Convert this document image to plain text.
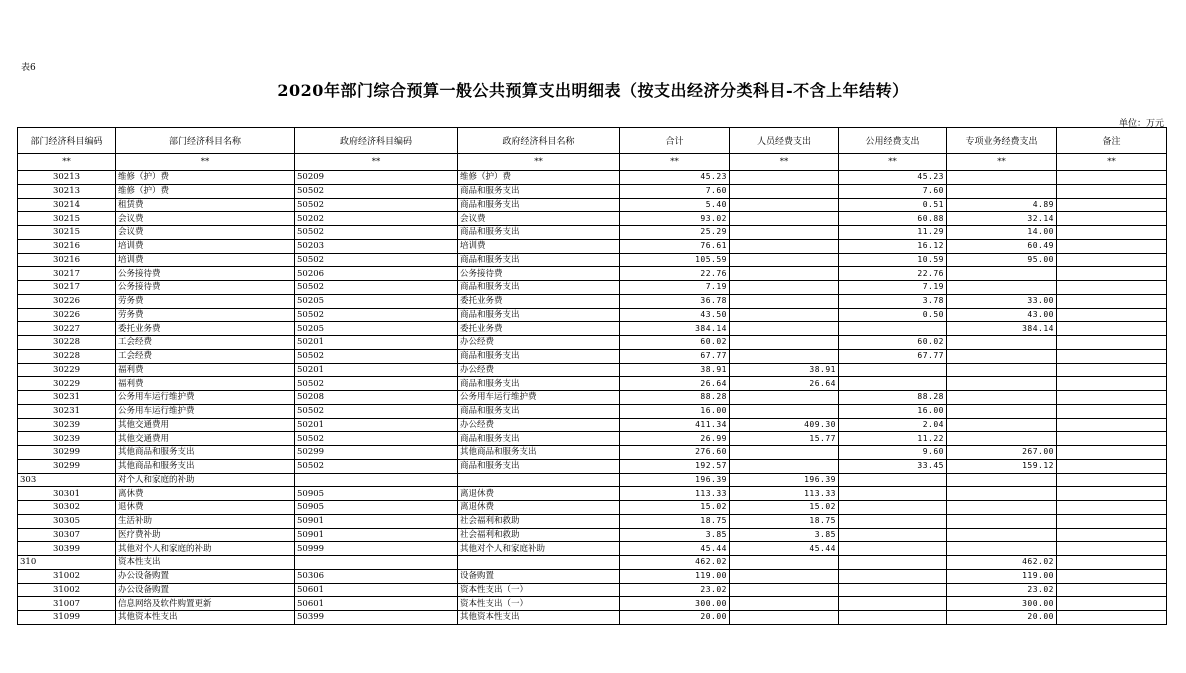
表6
2020年部门综合预算一般公共预算支出明细表（按支出经济分类科目-不含上年结转）
单位：万元
部门经济科目编码	部门经济科目名称	政府经济科目编码	政府经济科目名称	合计	人员经费支出	公用经费支出	专项业务经费支出	备注
**	**	**	**	**	**	**	**	**
30213	维修（护）费	50209	维修（护）费	45.23		45.23		
30213	维修（护）费	50502	商品和服务支出	7.60		7.60		
30214	租赁费	50502	商品和服务支出	5.40		0.51	4.89	
30215	会议费	50202	会议费	93.02		60.88	32.14	
30215	会议费	50502	商品和服务支出	25.29		11.29	14.00	
30216	培训费	50203	培训费	76.61		16.12	60.49	
30216	培训费	50502	商品和服务支出	105.59		10.59	95.00	
30217	公务接待费	50206	公务接待费	22.76		22.76		
30217	公务接待费	50502	商品和服务支出	7.19		7.19		
30226	劳务费	50205	委托业务费	36.78		3.78	33.00	
30226	劳务费	50502	商品和服务支出	43.50		0.50	43.00	
30227	委托业务费	50205	委托业务费	384.14			384.14	
30228	工会经费	50201	办公经费	60.02		60.02		
30228	工会经费	50502	商品和服务支出	67.77		67.77		
30229	福利费	50201	办公经费	38.91	38.91			
30229	福利费	50502	商品和服务支出	26.64	26.64			
30231	公务用车运行维护费	50208	公务用车运行维护费	88.28		88.28		
30231	公务用车运行维护费	50502	商品和服务支出	16.00		16.00		
30239	其他交通费用	50201	办公经费	411.34	409.30	2.04		
30239	其他交通费用	50502	商品和服务支出	26.99	15.77	11.22		
30299	其他商品和服务支出	50299	其他商品和服务支出	276.60		9.60	267.00	
30299	其他商品和服务支出	50502	商品和服务支出	192.57		33.45	159.12	
303	对个人和家庭的补助			196.39	196.39			
30301	离休费	50905	离退休费	113.33	113.33			
30302	退休费	50905	离退休费	15.02	15.02			
30305	生活补助	50901	社会福利和救助	18.75	18.75			
30307	医疗费补助	50901	社会福利和救助	3.85	3.85			
30399	其他对个人和家庭的补助	50999	其他对个人和家庭补助	45.44	45.44			
310	资本性支出			462.02			462.02	
31002	办公设备购置	50306	设备购置	119.00			119.00	
31002	办公设备购置	50601	资本性支出（一）	23.02			23.02	
31007	信息网络及软件购置更新	50601	资本性支出（一）	300.00			300.00	
31099	其他资本性支出	50399	其他资本性支出	20.00			20.00	
